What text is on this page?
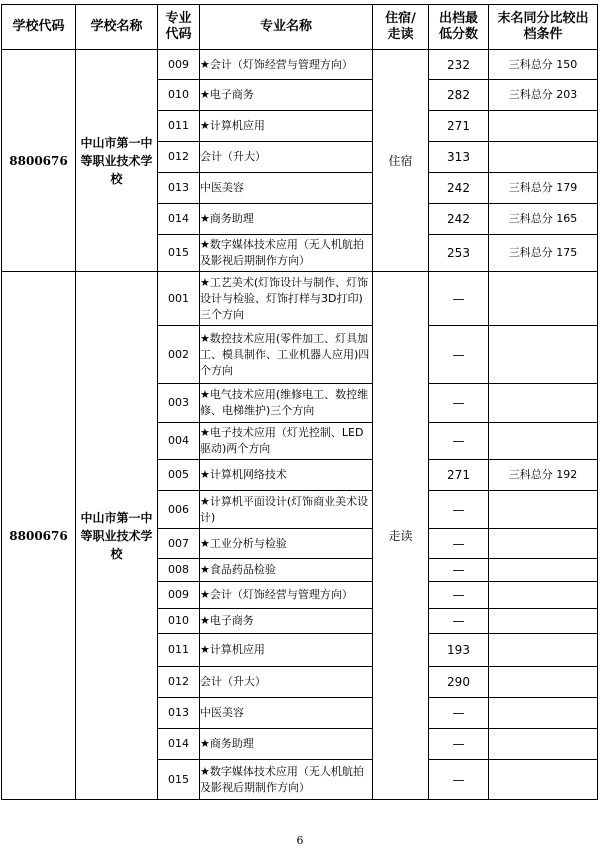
学校代码	学校名称	专业代码	专业名称	住宿/走读	出档最低分数	末名同分比较出档条件
8800676	中山市第一中等职业技术学校	009	★会计（灯饰经营与管理方向）	住宿	232	三科总分 150
		010	★电子商务		282	三科总分 203
		011	★计算机应用		271	
		012	会计（升大）		313	
		013	中医美容		242	三科总分 179
		014	★商务助理		242	三科总分 165
		015	★数字媒体技术应用（无人机航拍及影视后期制作方向）		253	三科总分 175
8800676	中山市第一中等职业技术学校	001	★工艺美术(灯饰设计与制作、灯饰设计与检验、灯饰打样与3D打印)三个方向	走读	—	
		002	★数控技术应用(零件加工、灯具加工、模具制作、工业机器人应用)四个方向		—	
		003	★电气技术应用(维修电工、数控维修、电梯维护)三个方向		—	
		004	★电子技术应用（灯光控制、LED驱动)两个方向		—	
		005	★计算机网络技术		271	三科总分 192
		006	★计算机平面设计(灯饰商业美术设计)		—	
		007	★工业分析与检验		—	
		008	★食品药品检验		—	
		009	★会计（灯饰经营与管理方向）		—	
		010	★电子商务		—	
		011	★计算机应用		193	
		012	会计（升大）		290	
		013	中医美容		—	
		014	★商务助理		—	
		015	★数字媒体技术应用（无人机航拍及影视后期制作方向）		—	
6
